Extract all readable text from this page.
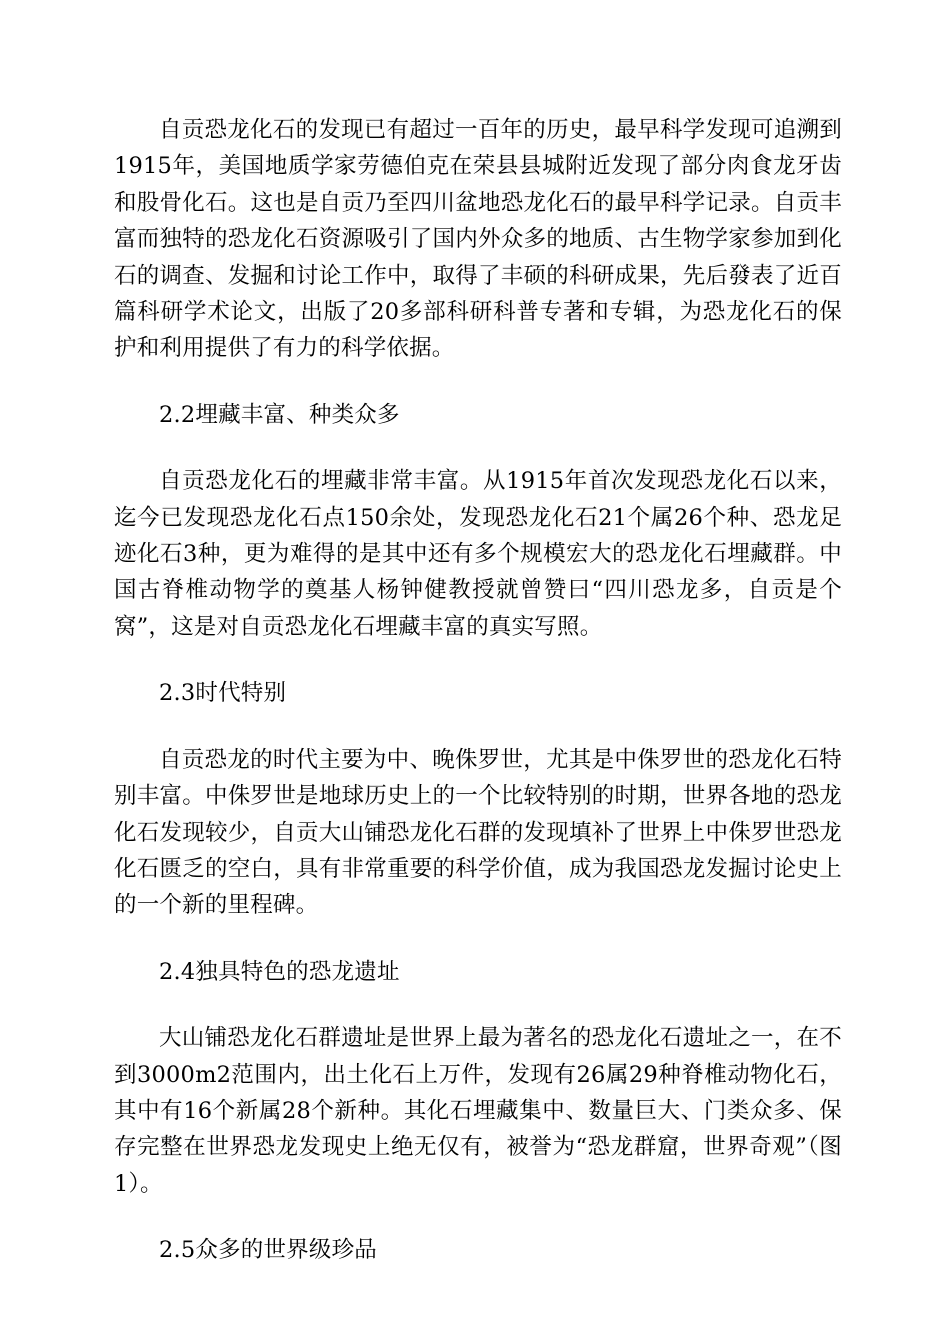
自贡恐龙化石的发现已有超过一百年的历史，最早科学发现可追溯到1915年，美国地质学家劳德伯克在荣县县城附近发现了部分肉食龙牙齿和股骨化石。这也是自贡乃至四川盆地恐龙化石的最早科学记录。自贡丰富而独特的恐龙化石资源吸引了国内外众多的地质、古生物学家参加到化石的调查、发掘和讨论工作中，取得了丰硕的科研成果，先后發表了近百篇科研学术论文，出版了20多部科研科普专著和专辑，为恐龙化石的保护和利用提供了有力的科学依据。

2.2埋藏丰富、种类众多

自贡恐龙化石的埋藏非常丰富。从1915年首次发现恐龙化石以来，迄今已发现恐龙化石点150余处，发现恐龙化石21个属26个种、恐龙足迹化石3种，更为难得的是其中还有多个规模宏大的恐龙化石埋藏群。中国古脊椎动物学的奠基人杨钟健教授就曾赞曰“四川恐龙多，自贡是个窝”，这是对自贡恐龙化石埋藏丰富的真实写照。

2.3时代特别

自贡恐龙的时代主要为中、晚侏罗世，尤其是中侏罗世的恐龙化石特别丰富。中侏罗世是地球历史上的一个比较特别的时期，世界各地的恐龙化石发现较少，自贡大山铺恐龙化石群的发现填补了世界上中侏罗世恐龙化石匮乏的空白，具有非常重要的科学价值，成为我国恐龙发掘讨论史上的一个新的里程碑。

2.4独具特色的恐龙遗址

大山铺恐龙化石群遗址是世界上最为著名的恐龙化石遗址之一，在不到3000m2范围内，出土化石上万件，发现有26属29种脊椎动物化石，其中有16个新属28个新种。其化石埋藏集中、数量巨大、门类众多、保存完整在世界恐龙发现史上绝无仅有，被誉为“恐龙群窟，世界奇观”（图1）。

2.5众多的世界级珍品
